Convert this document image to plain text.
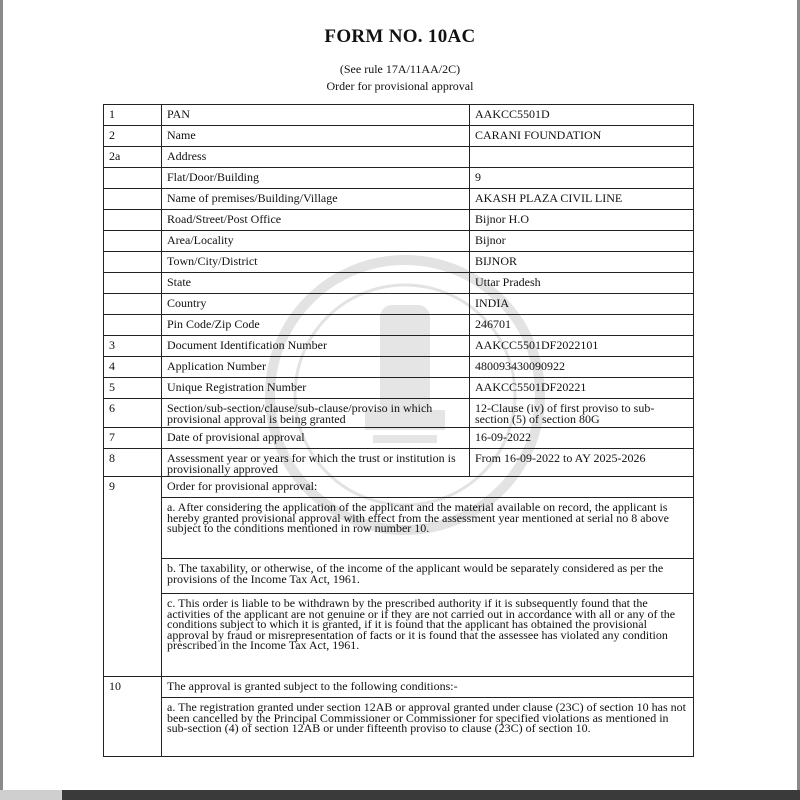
FORM NO. 10AC
(See rule 17A/11AA/2C)
Order for provisional approval
1	PAN	AAKCC5501D
2	Name	CARANI FOUNDATION
2a	Address	
	Flat/Door/Building	9
	Name of premises/Building/Village	AKASH PLAZA CIVIL LINE
	Road/Street/Post Office	Bijnor H.O
	Area/Locality	Bijnor
	Town/City/District	BIJNOR
	State	Uttar Pradesh
	Country	INDIA
	Pin Code/Zip Code	246701
3	Document Identification Number	AAKCC5501DF2022101
4	Application Number	480093430090922
5	Unique Registration Number	AAKCC5501DF20221
6	Section/sub-section/clause/sub-clause/proviso in which provisional approval is being granted	12-Clause (iv) of first proviso to sub-section (5) of section 80G
7	Date of provisional approval	16-09-2022
8	Assessment year or years for which the trust or institution is provisionally approved	From 16-09-2022 to AY 2025-2026
9	Order for provisional approval:	
	a. After considering the application of the applicant and the material available on record, the applicant is hereby granted provisional approval with effect from the assessment year mentioned at serial no 8 above subject to the conditions mentioned in row number 10.	
	b. The taxability, or otherwise, of the income of the applicant would be separately considered as per the provisions of the Income Tax Act, 1961.	
	c. This order is liable to be withdrawn by the prescribed authority if it is subsequently found that the activities of the applicant are not genuine or if they are not carried out in accordance with all or any of the conditions subject to which it is granted, if it is found that the applicant has obtained the provisional approval by fraud or misrepresentation of facts or it is found that the assessee has violated any condition prescribed in the Income Tax Act, 1961.	
10	The approval is granted subject to the following conditions:-	
	a. The registration granted under section 12AB or approval granted under clause (23C) of section 10 has not been cancelled by the Principal Commissioner or Commissioner for specified violations as mentioned in sub-section (4) of section 12AB or under fifteenth proviso to clause (23C) of section 10.	
